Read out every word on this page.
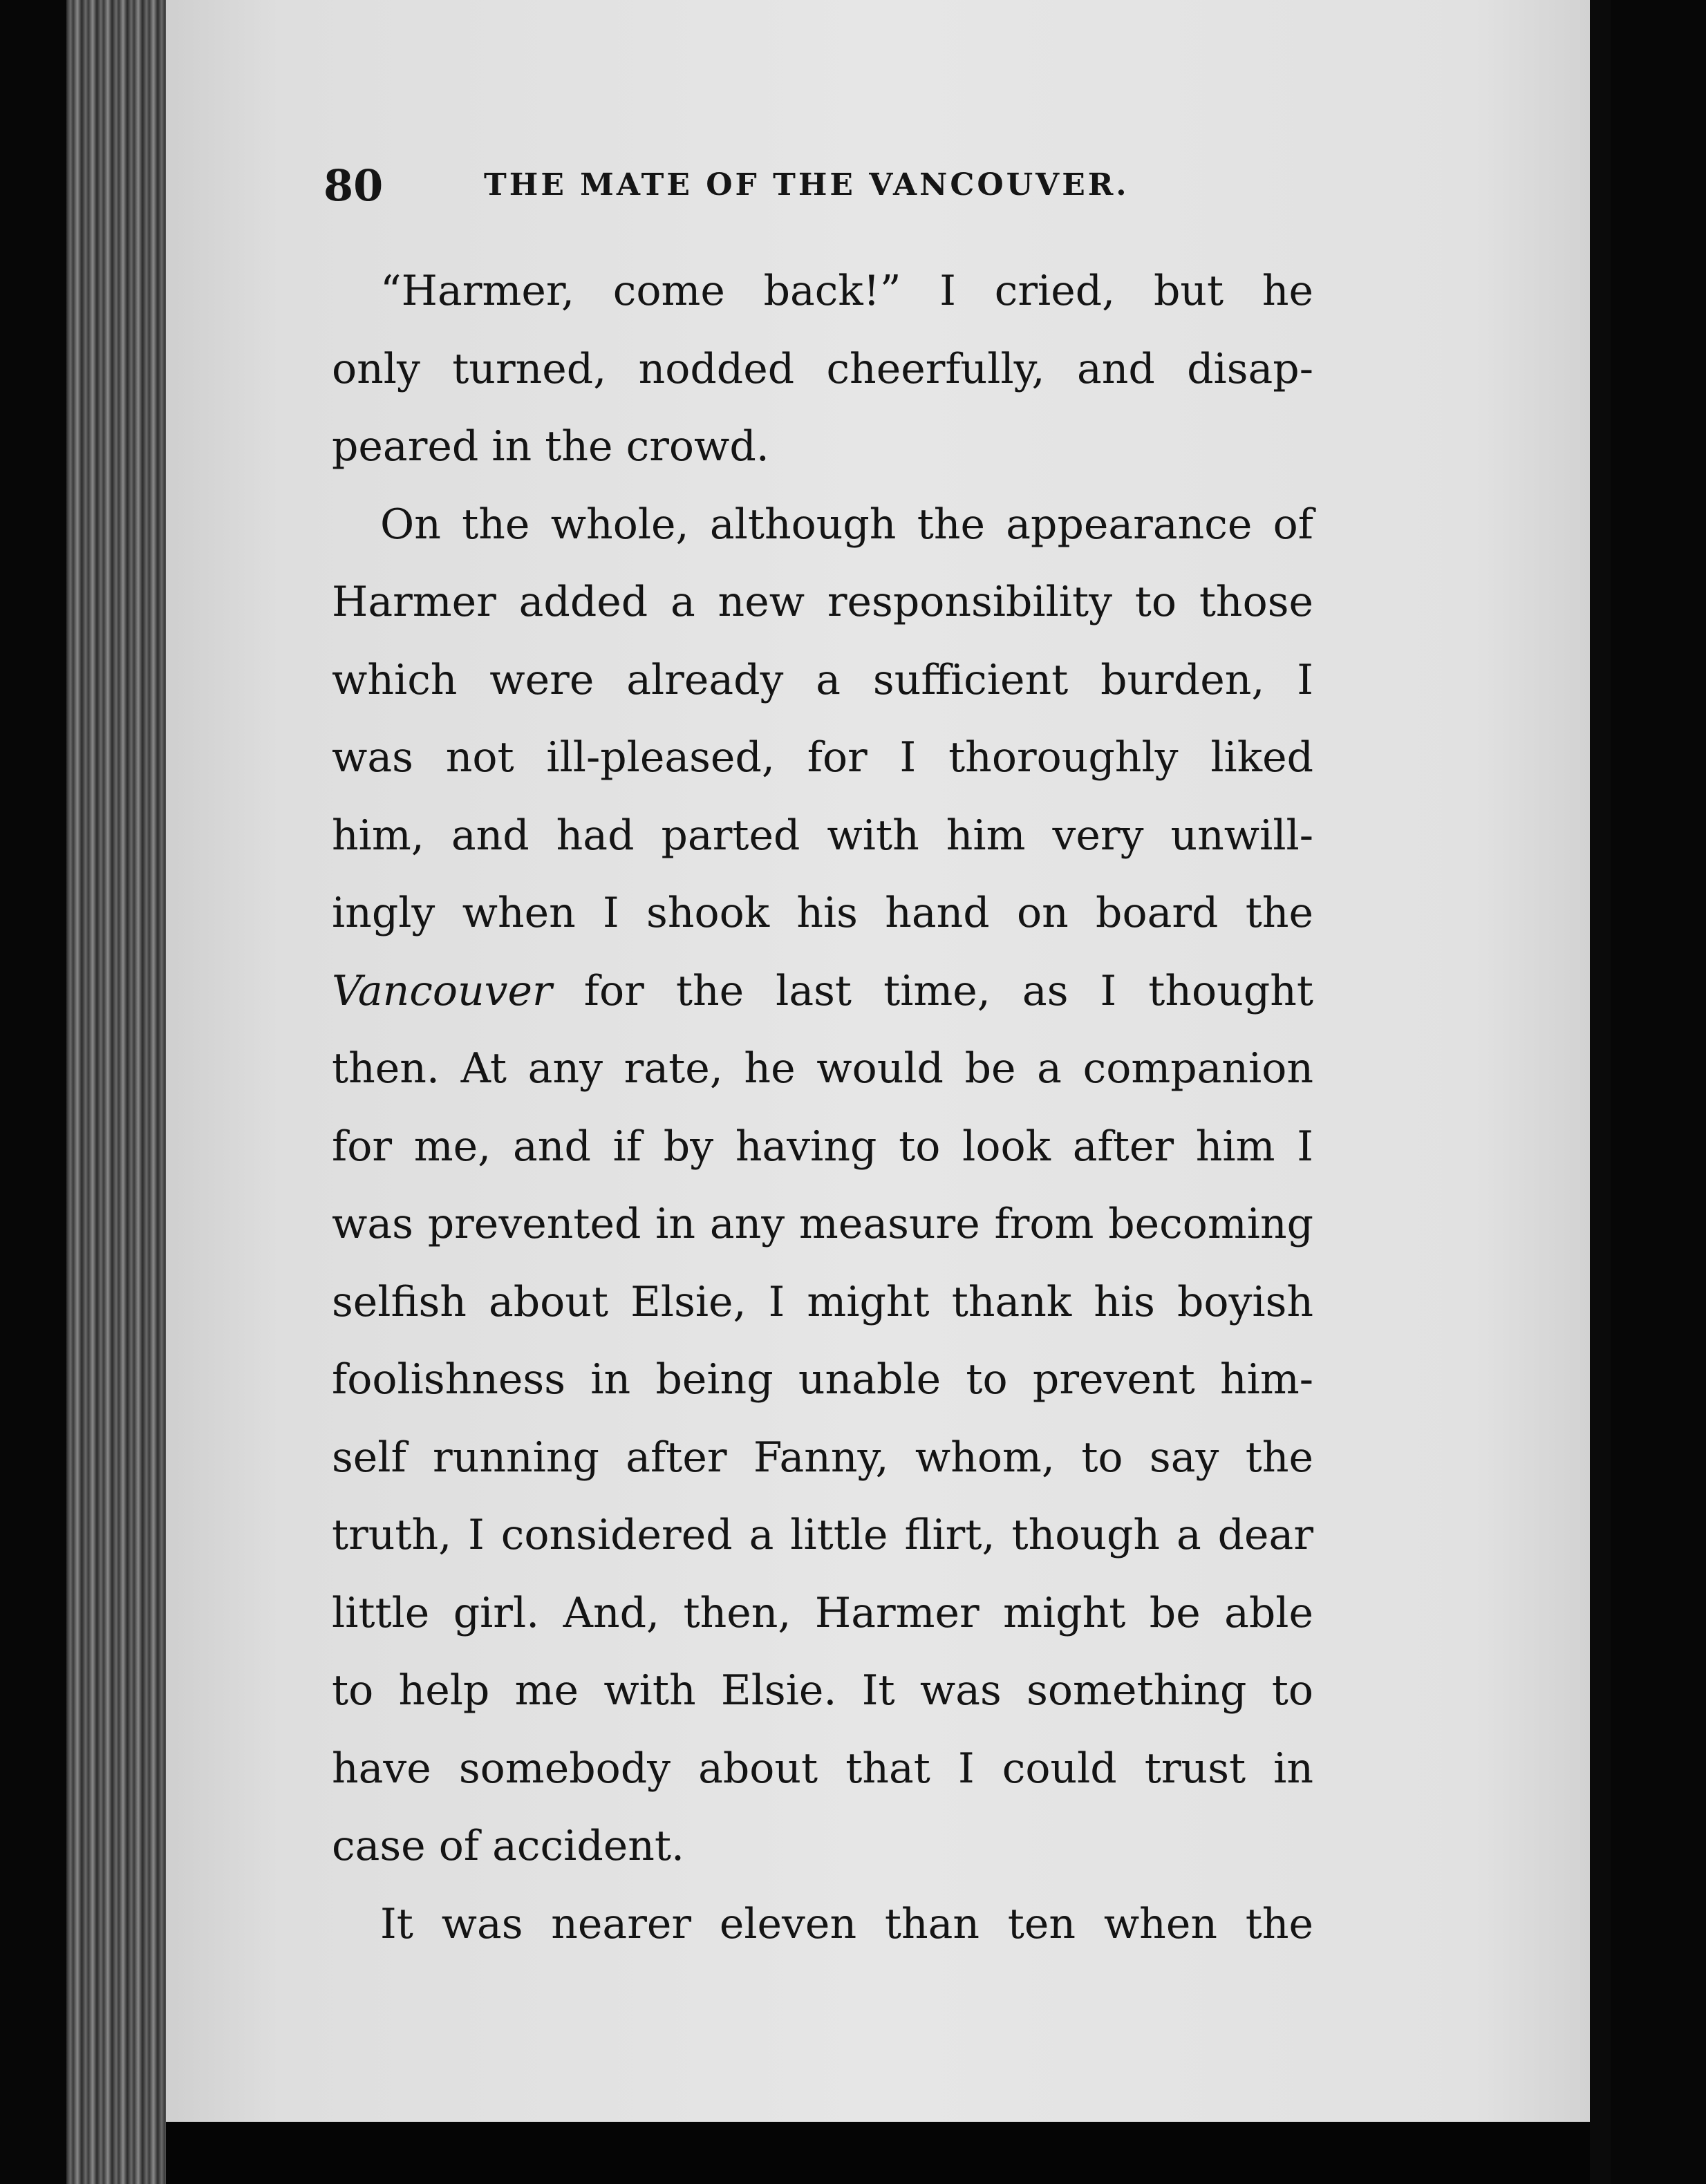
80	THE MATE OF THE VANCOUVER.
“Harmer, come back!” I cried, but he
only turned, nodded cheerfully, and disap-
peared in the crowd.
On the whole, although the appearance of
Harmer added a new responsibility to those
which were already a sufficient burden, I
was not ill-pleased, for I thoroughly liked
him, and had parted with him very unwill-
ingly when I shook his hand on board the
Vancouver for the last time, as I thought
then. At any rate, he would be a companion
for me, and if by having to look after him I
was prevented in any measure from becoming
selfish about Elsie, I might thank his boyish
foolishness in being unable to prevent him-
self running after Fanny, whom, to say the
truth, I considered a little flirt, though a dear
little girl. And, then, Harmer might be able
to help me with Elsie. It was something to
have somebody about that I could trust in
case of accident.
It was nearer eleven than ten when the
